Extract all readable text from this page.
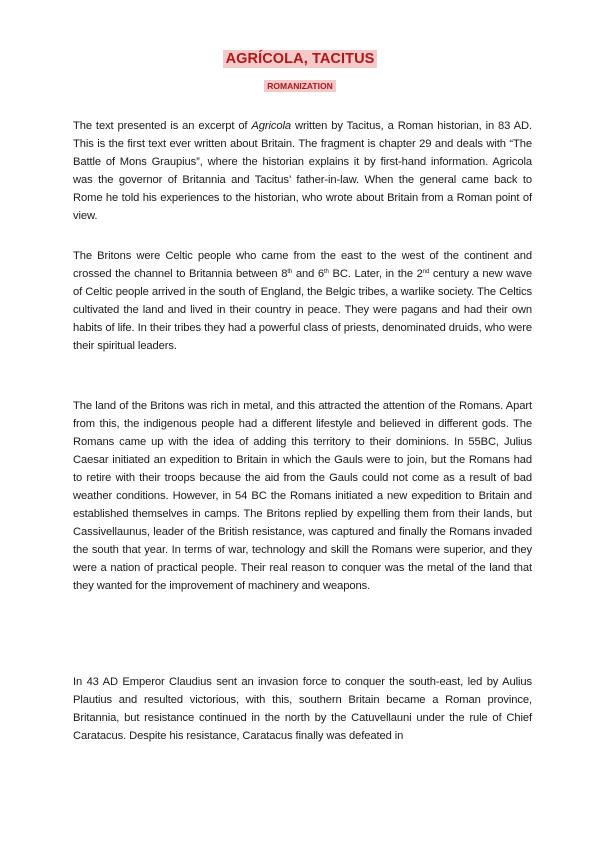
AGRÍCOLA, TACITUS
ROMANIZATION

The text presented is an excerpt of Agricola written by Tacitus, a Roman historian, in 83 AD. This is the first text ever written about Britain. The fragment is chapter 29 and deals with “The Battle of Mons Graupius”, where the historian explains it by first-hand information. Agricola was the governor of Britannia and Tacitus’ father-in-law. When the general came back to Rome he told his experiences to the historian, who wrote about Britain from a Roman point of view.

The Britons were Celtic people who came from the east to the west of the continent and crossed the channel to Britannia between 8th and 6th BC. Later, in the 2nd century a new wave of Celtic people arrived in the south of England, the Belgic tribes, a warlike society. The Celtics cultivated the land and lived in their country in peace. They were pagans and had their own habits of life. In their tribes they had a powerful class of priests, denominated druids, who were their spiritual leaders.

The land of the Britons was rich in metal, and this attracted the attention of the Romans. Apart from this, the indigenous people had a different lifestyle and believed in different gods. The Romans came up with the idea of adding this territory to their dominions. In 55BC, Julius Caesar initiated an expedition to Britain in which the Gauls were to join, but the Romans had to retire with their troops because the aid from the Gauls could not come as a result of bad weather conditions. However, in 54 BC the Romans initiated a new expedition to Britain and established themselves in camps. The Britons replied by expelling them from their lands, but Cassivellaunus, leader of the British resistance, was captured and finally the Romans invaded the south that year. In terms of war, technology and skill the Romans were superior, and they were a nation of practical people. Their real reason to conquer was the metal of the land that they wanted for the improvement of machinery and weapons.

In 43 AD Emperor Claudius sent an invasion force to conquer the south-east, led by Aulius Plautius and resulted victorious, with this, southern Britain became a Roman province, Britannia, but resistance continued in the north by the Catuvellauni under the rule of Chief Caratacus. Despite his resistance, Caratacus finally was defeated in
